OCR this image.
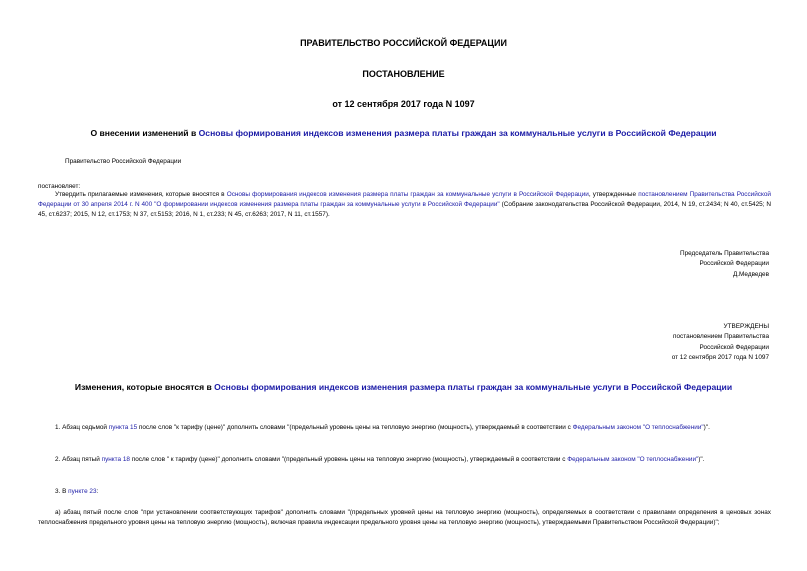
ПРАВИТЕЛЬСТВО РОССИЙСКОЙ ФЕДЕРАЦИИ
ПОСТАНОВЛЕНИЕ
от 12 сентября 2017 года N 1097
О внесении изменений в Основы формирования индексов изменения размера платы граждан за коммунальные услуги в Российской Федерации
Правительство Российской Федерации
постановляет:
Утвердить прилагаемые изменения, которые вносятся в Основы формирования индексов изменения размера платы граждан за коммунальные услуги в Российской Федерации, утвержденные постановлением Правительства Российской Федерации от 30 апреля 2014 г. N 400 "О формировании индексов изменения размера платы граждан за коммунальные услуги в Российской Федерации" (Собрание законодательства Российской Федерации, 2014, N 19, ст.2434; N 40, ст.5425; N 45, ст.6237; 2015, N 12, ст.1753; N 37, ст.5153; 2016, N 1, ст.233; N 45, ст.6263; 2017, N 11, ст.1557).
Председатель Правительства
Российской Федерации
Д.Медведев
УТВЕРЖДЕНЫ
постановлением Правительства
Российской Федерации
от 12 сентября 2017 года N 1097
Изменения, которые вносятся в Основы формирования индексов изменения размера платы граждан за коммунальные услуги в Российской Федерации
1. Абзац седьмой пункта 15 после слов "к тарифу (цене)" дополнить словами "(предельный уровень цены на тепловую энергию (мощность), утверждаемый в соответствии с Федеральным законом "О теплоснабжении")".
2. Абзац пятый пункта 18 после слов " к тарифу (цене)" дополнить словами "(предельный уровень цены на тепловую энергию (мощность), утверждаемый в соответствии с Федеральным законом "О теплоснабжении")".
3. В пункте 23:
а) абзац пятый после слов "при установлении соответствующих тарифов" дополнить словами "(предельных уровней цены на тепловую энергию (мощность), определяемых в соответствии с правилами определения в ценовых зонах теплоснабжения предельного уровня цены на тепловую энергию (мощность), включая правила индексации предельного уровня цены на тепловую энергию (мощность), утверждаемыми Правительством Российской Федерации)";
